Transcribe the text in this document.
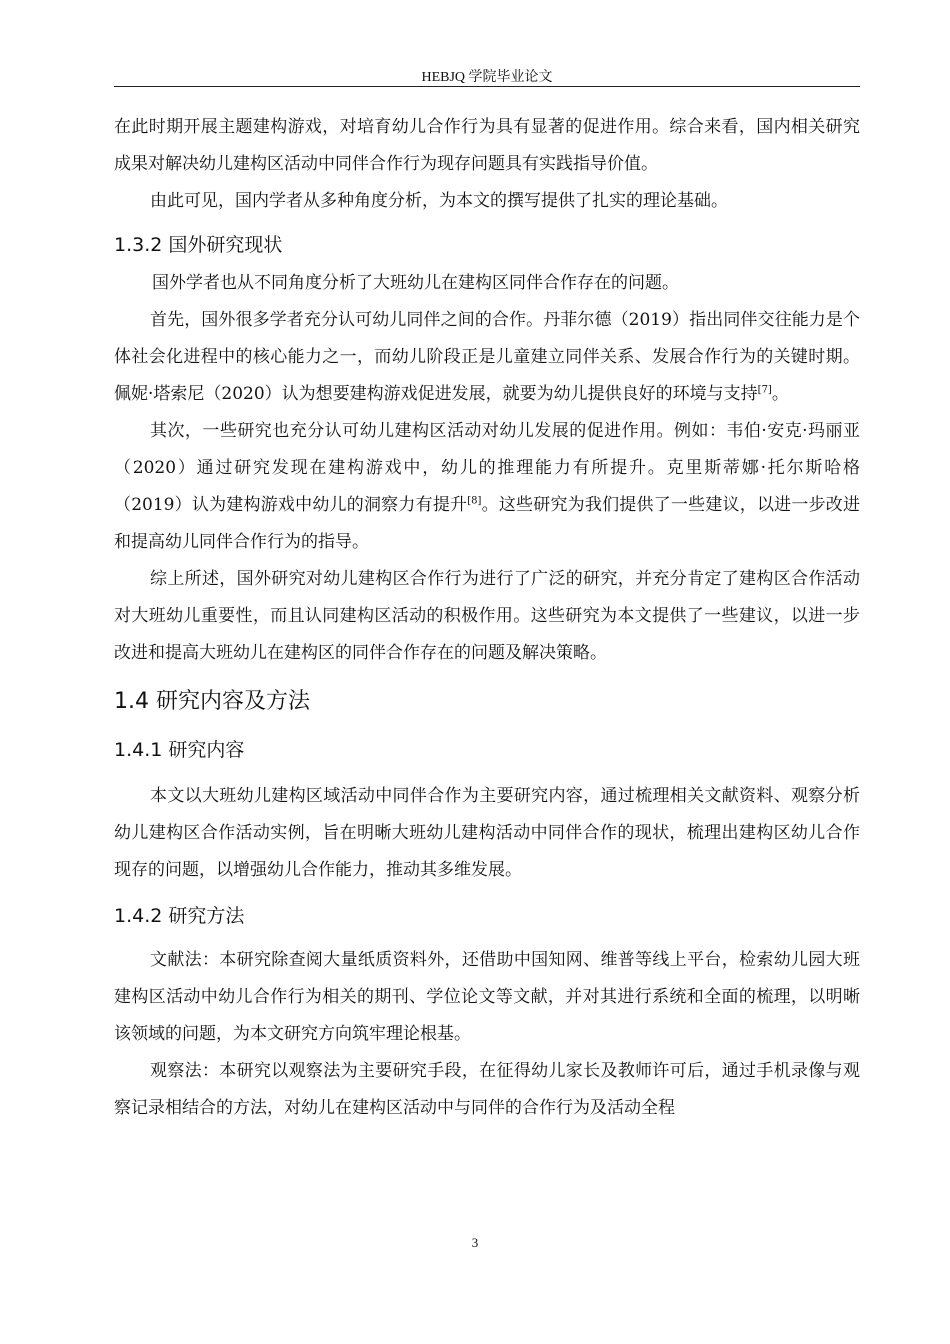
HEBJQ 学院毕业论文

在此时期开展主题建构游戏，对培育幼儿合作行为具有显著的促进作用。综合来看，国内相关研究成果对解决幼儿建构区活动中同伴合作行为现存问题具有实践指导价值。

由此可见，国内学者从多种角度分析，为本文的撰写提供了扎实的理论基础。

1.3.2 国外研究现状

国外学者也从不同角度分析了大班幼儿在建构区同伴合作存在的问题。

首先，国外很多学者充分认可幼儿同伴之间的合作。丹菲尔德（2019）指出同伴交往能力是个体社会化进程中的核心能力之一，而幼儿阶段正是儿童建立同伴关系、发展合作行为的关键时期。佩妮·塔索尼（2020）认为想要建构游戏促进发展，就要为幼儿提供良好的环境与支持[7]。

其次，一些研究也充分认可幼儿建构区活动对幼儿发展的促进作用。例如：韦伯·安克·玛丽亚（2020）通过研究发现在建构游戏中，幼儿的推理能力有所提升。克里斯蒂娜·托尔斯哈格（2019）认为建构游戏中幼儿的洞察力有提升[8]。这些研究为我们提供了一些建议，以进一步改进和提高幼儿同伴合作行为的指导。

综上所述，国外研究对幼儿建构区合作行为进行了广泛的研究，并充分肯定了建构区合作活动对大班幼儿重要性，而且认同建构区活动的积极作用。这些研究为本文提供了一些建议，以进一步改进和提高大班幼儿在建构区的同伴合作存在的问题及解决策略。

1.4 研究内容及方法
1.4.1 研究内容

本文以大班幼儿建构区域活动中同伴合作为主要研究内容，通过梳理相关文献资料、观察分析幼儿建构区合作活动实例，旨在明晰大班幼儿建构活动中同伴合作的现状，梳理出建构区幼儿合作现存的问题，以增强幼儿合作能力，推动其多维发展。

1.4.2 研究方法

文献法：本研究除查阅大量纸质资料外，还借助中国知网、维普等线上平台，检索幼儿园大班建构区活动中幼儿合作行为相关的期刊、学位论文等文献，并对其进行系统和全面的梳理，以明晰该领域的问题，为本文研究方向筑牢理论根基。

观察法：本研究以观察法为主要研究手段，在征得幼儿家长及教师许可后，通过手机录像与观察记录相结合的方法，对幼儿在建构区活动中与同伴的合作行为及活动全程

3
